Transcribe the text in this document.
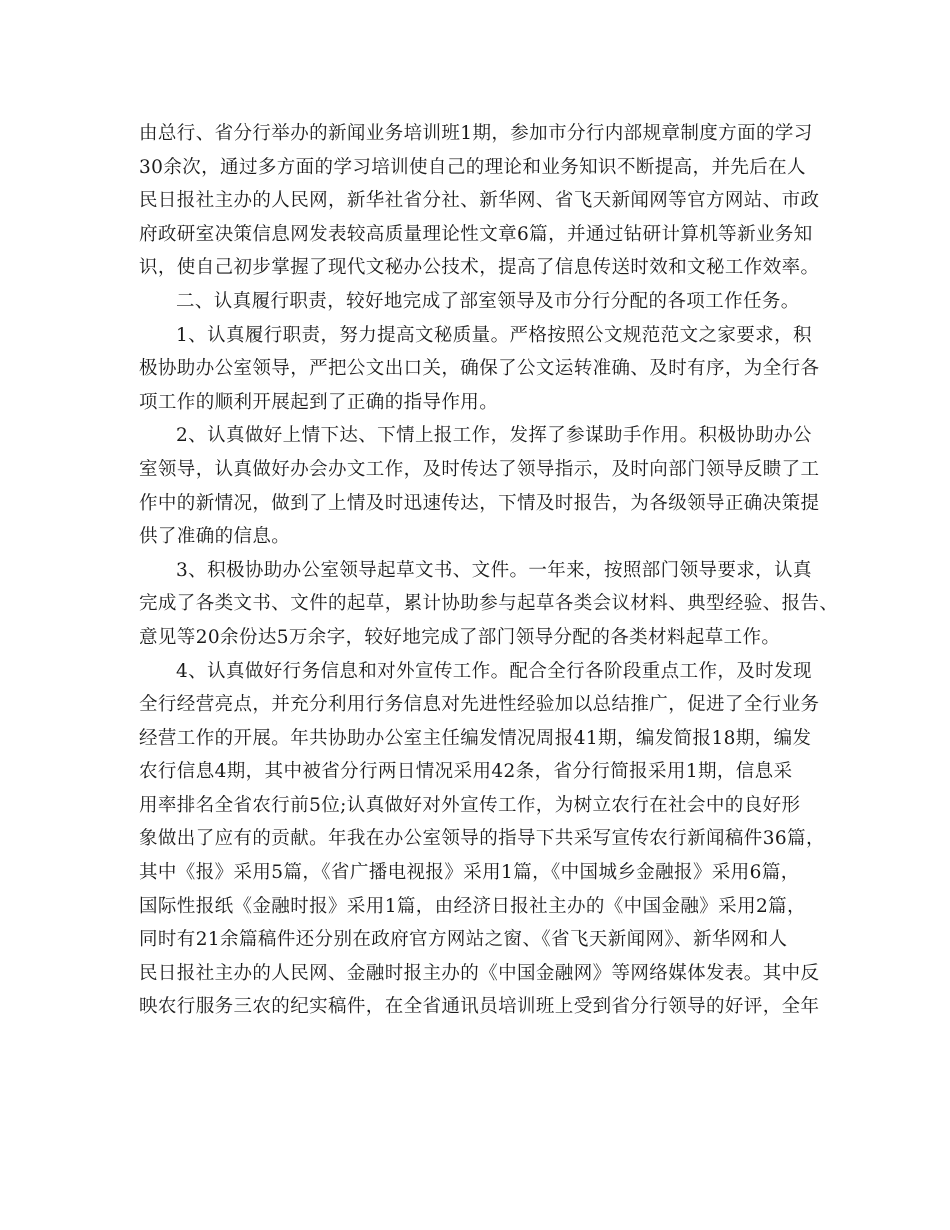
由总行、省分行举办的新闻业务培训班1期，参加市分行内部规章制度方面的学习
30余次，通过多方面的学习培训使自己的理论和业务知识不断提高，并先后在人
民日报社主办的人民网，新华社省分社、新华网、省飞天新闻网等官方网站、市政
府政研室决策信息网发表较高质量理论性文章6篇，并通过钻研计算机等新业务知
识，使自己初步掌握了现代文秘办公技术，提高了信息传送时效和文秘工作效率。
二、认真履行职责，较好地完成了部室领导及市分行分配的各项工作任务。
1、认真履行职责，努力提高文秘质量。严格按照公文规范范文之家要求，积
极协助办公室领导，严把公文出口关，确保了公文运转准确、及时有序，为全行各
项工作的顺利开展起到了正确的指导作用。
2、认真做好上情下达、下情上报工作，发挥了参谋助手作用。积极协助办公
室领导，认真做好办会办文工作，及时传达了领导指示，及时向部门领导反瞆了工
作中的新情况，做到了上情及时迅速传达，下情及时报告，为各级领导正确决策提
供了准确的信息。
3、积极协助办公室领导起草文书、文件。一年来，按照部门领导要求，认真
完成了各类文书、文件的起草，累计协助参与起草各类会议材料、典型经验、报告、
意见等20余份达5万余字，较好地完成了部门领导分配的各类材料起草工作。
4、认真做好行务信息和对外宣传工作。配合全行各阶段重点工作，及时发现
全行经营亮点，并充分利用行务信息对先进性经验加以总结推广，促进了全行业务
经营工作的开展。年共协助办公室主任编发情况周报41期，编发简报18期，编发
农行信息4期，其中被省分行两日情况采用42条，省分行简报采用1期，信息采
用率排名全省农行前5位;认真做好对外宣传工作，为树立农行在社会中的良好形
象做出了应有的贡献。年我在办公室领导的指导下共采写宣传农行新闻稿件36篇，
其中《报》采用5篇，《省广播电视报》采用1篇，《中国城乡金融报》采用6篇，
国际性报纸《金融时报》采用1篇，由经济日报社主办的《中国金融》采用2篇，
同时有21余篇稿件还分别在政府官方网站之窗、《省飞天新闻网》、新华网和人
民日报社主办的人民网、金融时报主办的《中国金融网》等网络媒体发表。其中反
映农行服务三农的纪实稿件，在全省通讯员培训班上受到省分行领导的好评，全年
